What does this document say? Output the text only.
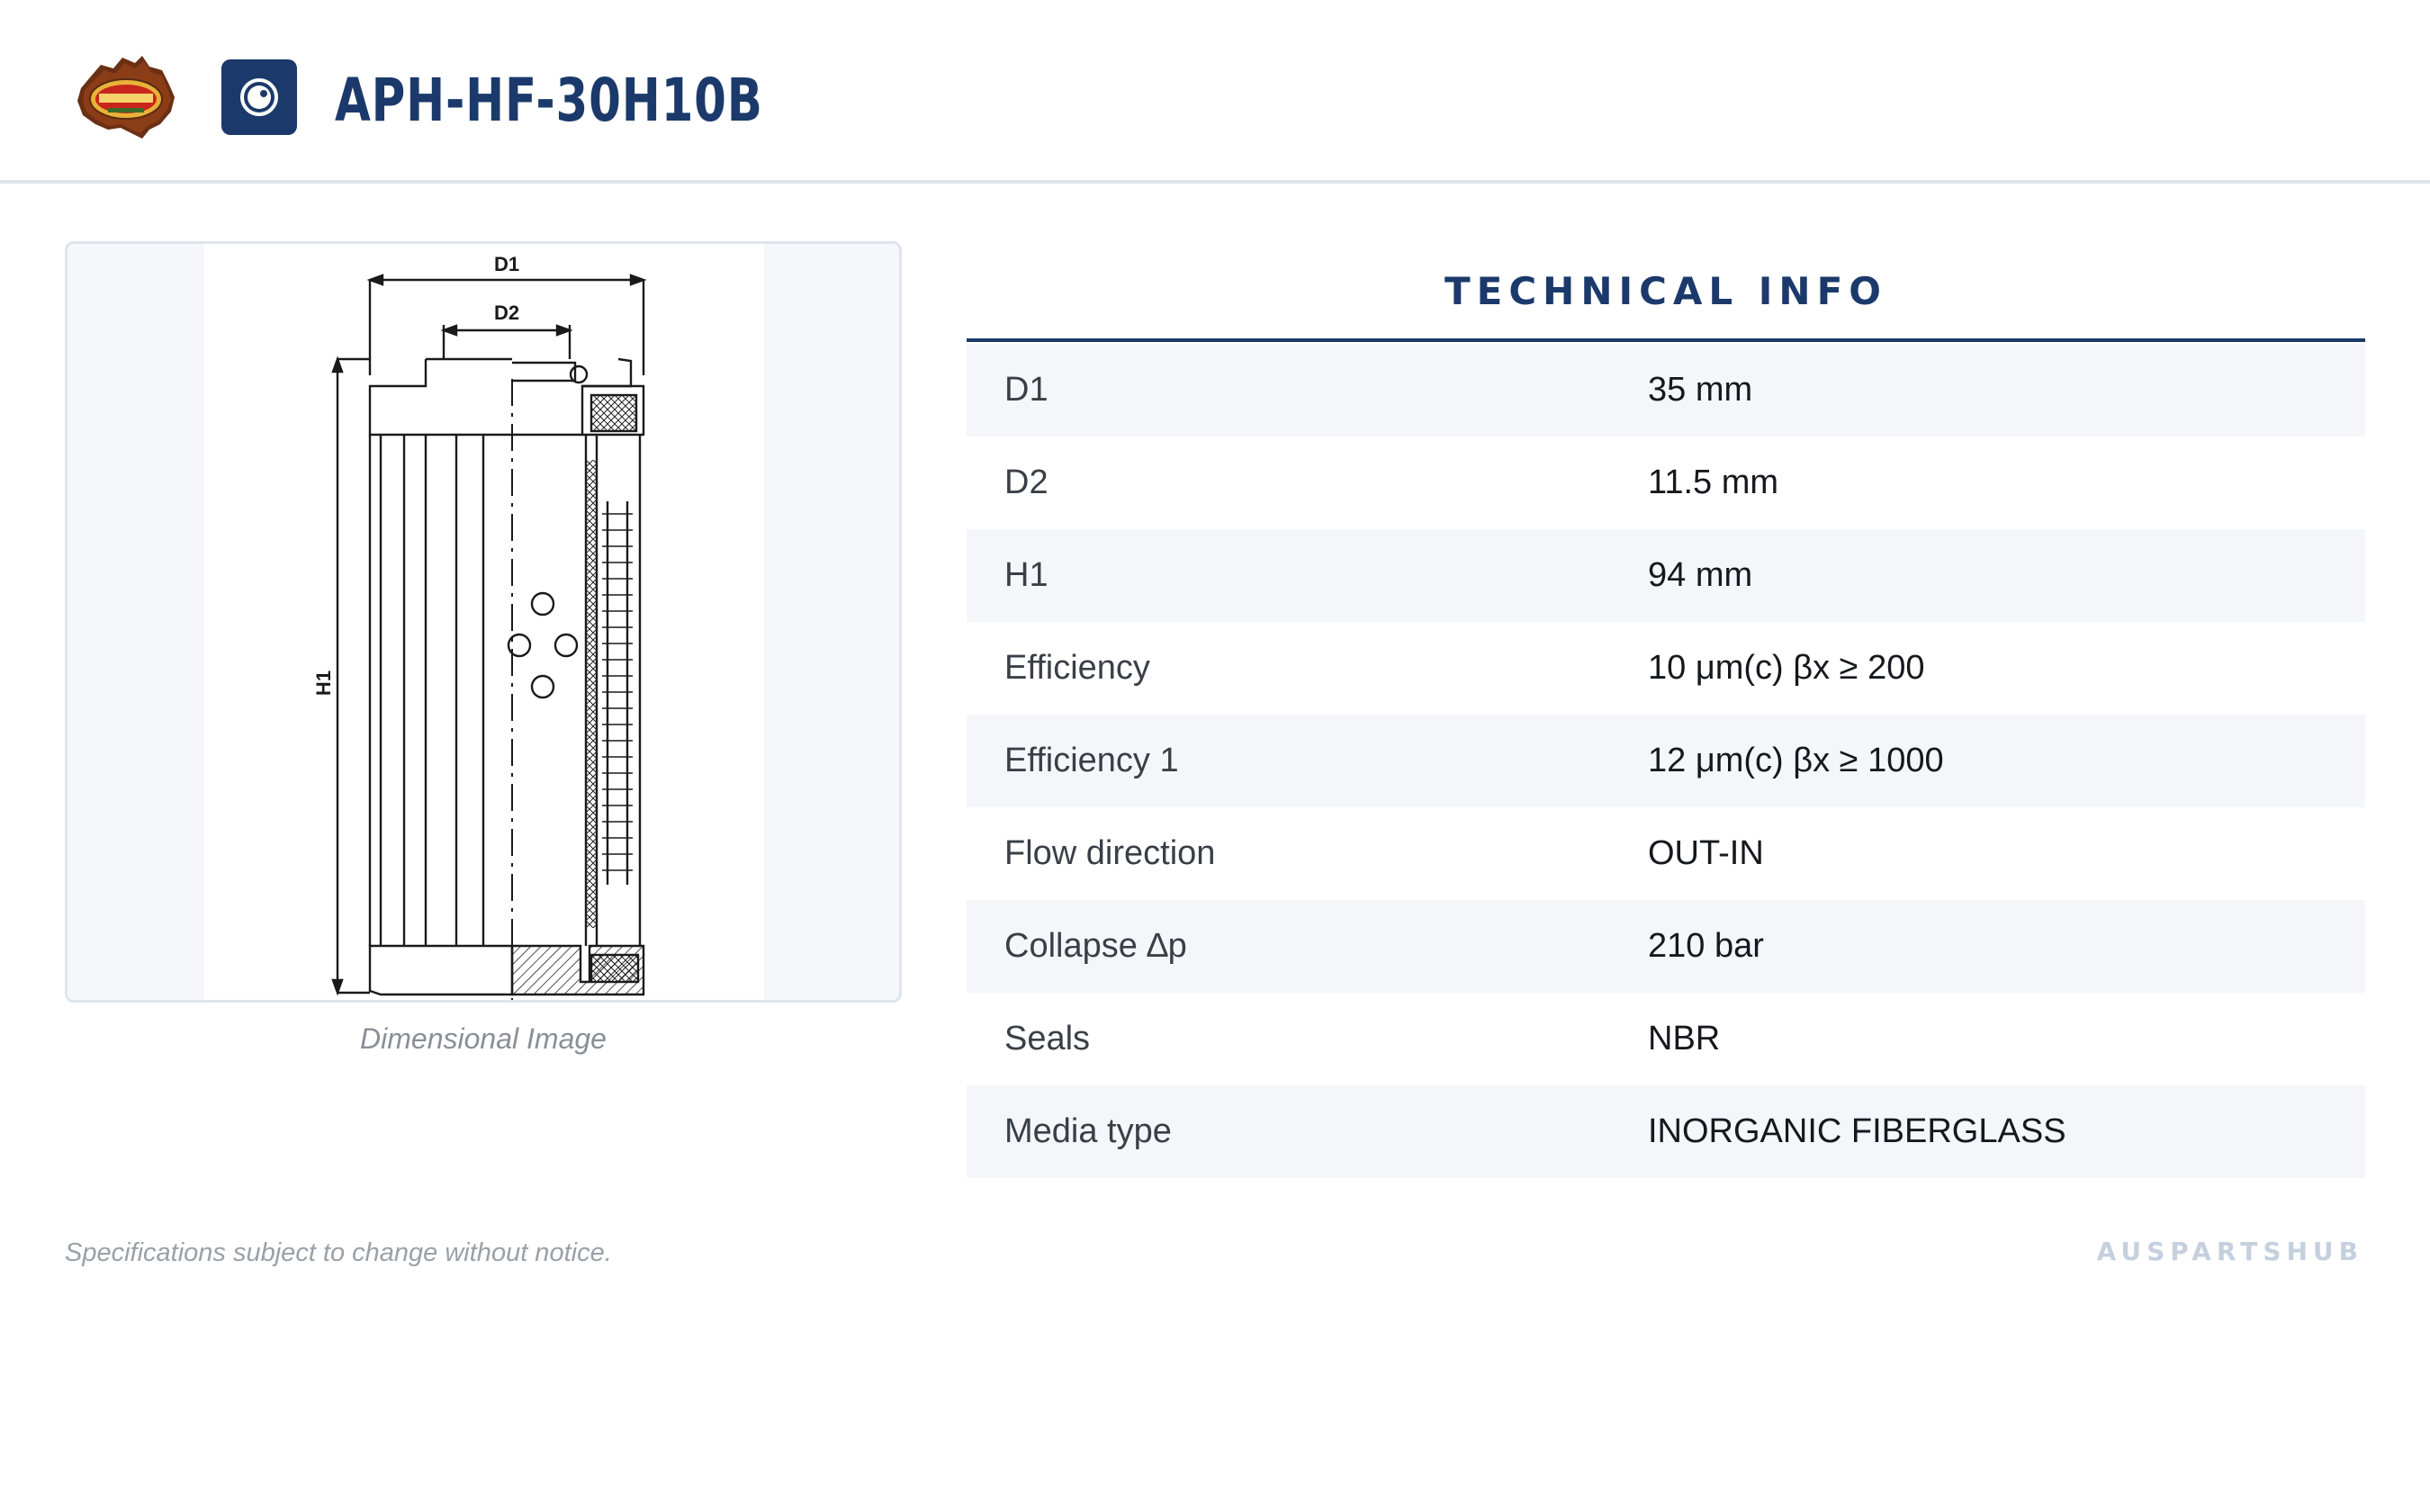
APH-HF-30H10B
D1
D2
H1
Dimensional Image
TECHNICAL INFO
D1	35 mm
D2	11.5 mm
H1	94 mm
Efficiency	10 μm(c) βx ≥ 200
Efficiency 1	12 μm(c) βx ≥ 1000
Flow direction	OUT-IN
Collapse ∆p	210 bar
Seals	NBR
Media type	INORGANIC FIBERGLASS
Specifications subject to change without notice.	AUSPARTSHUB
